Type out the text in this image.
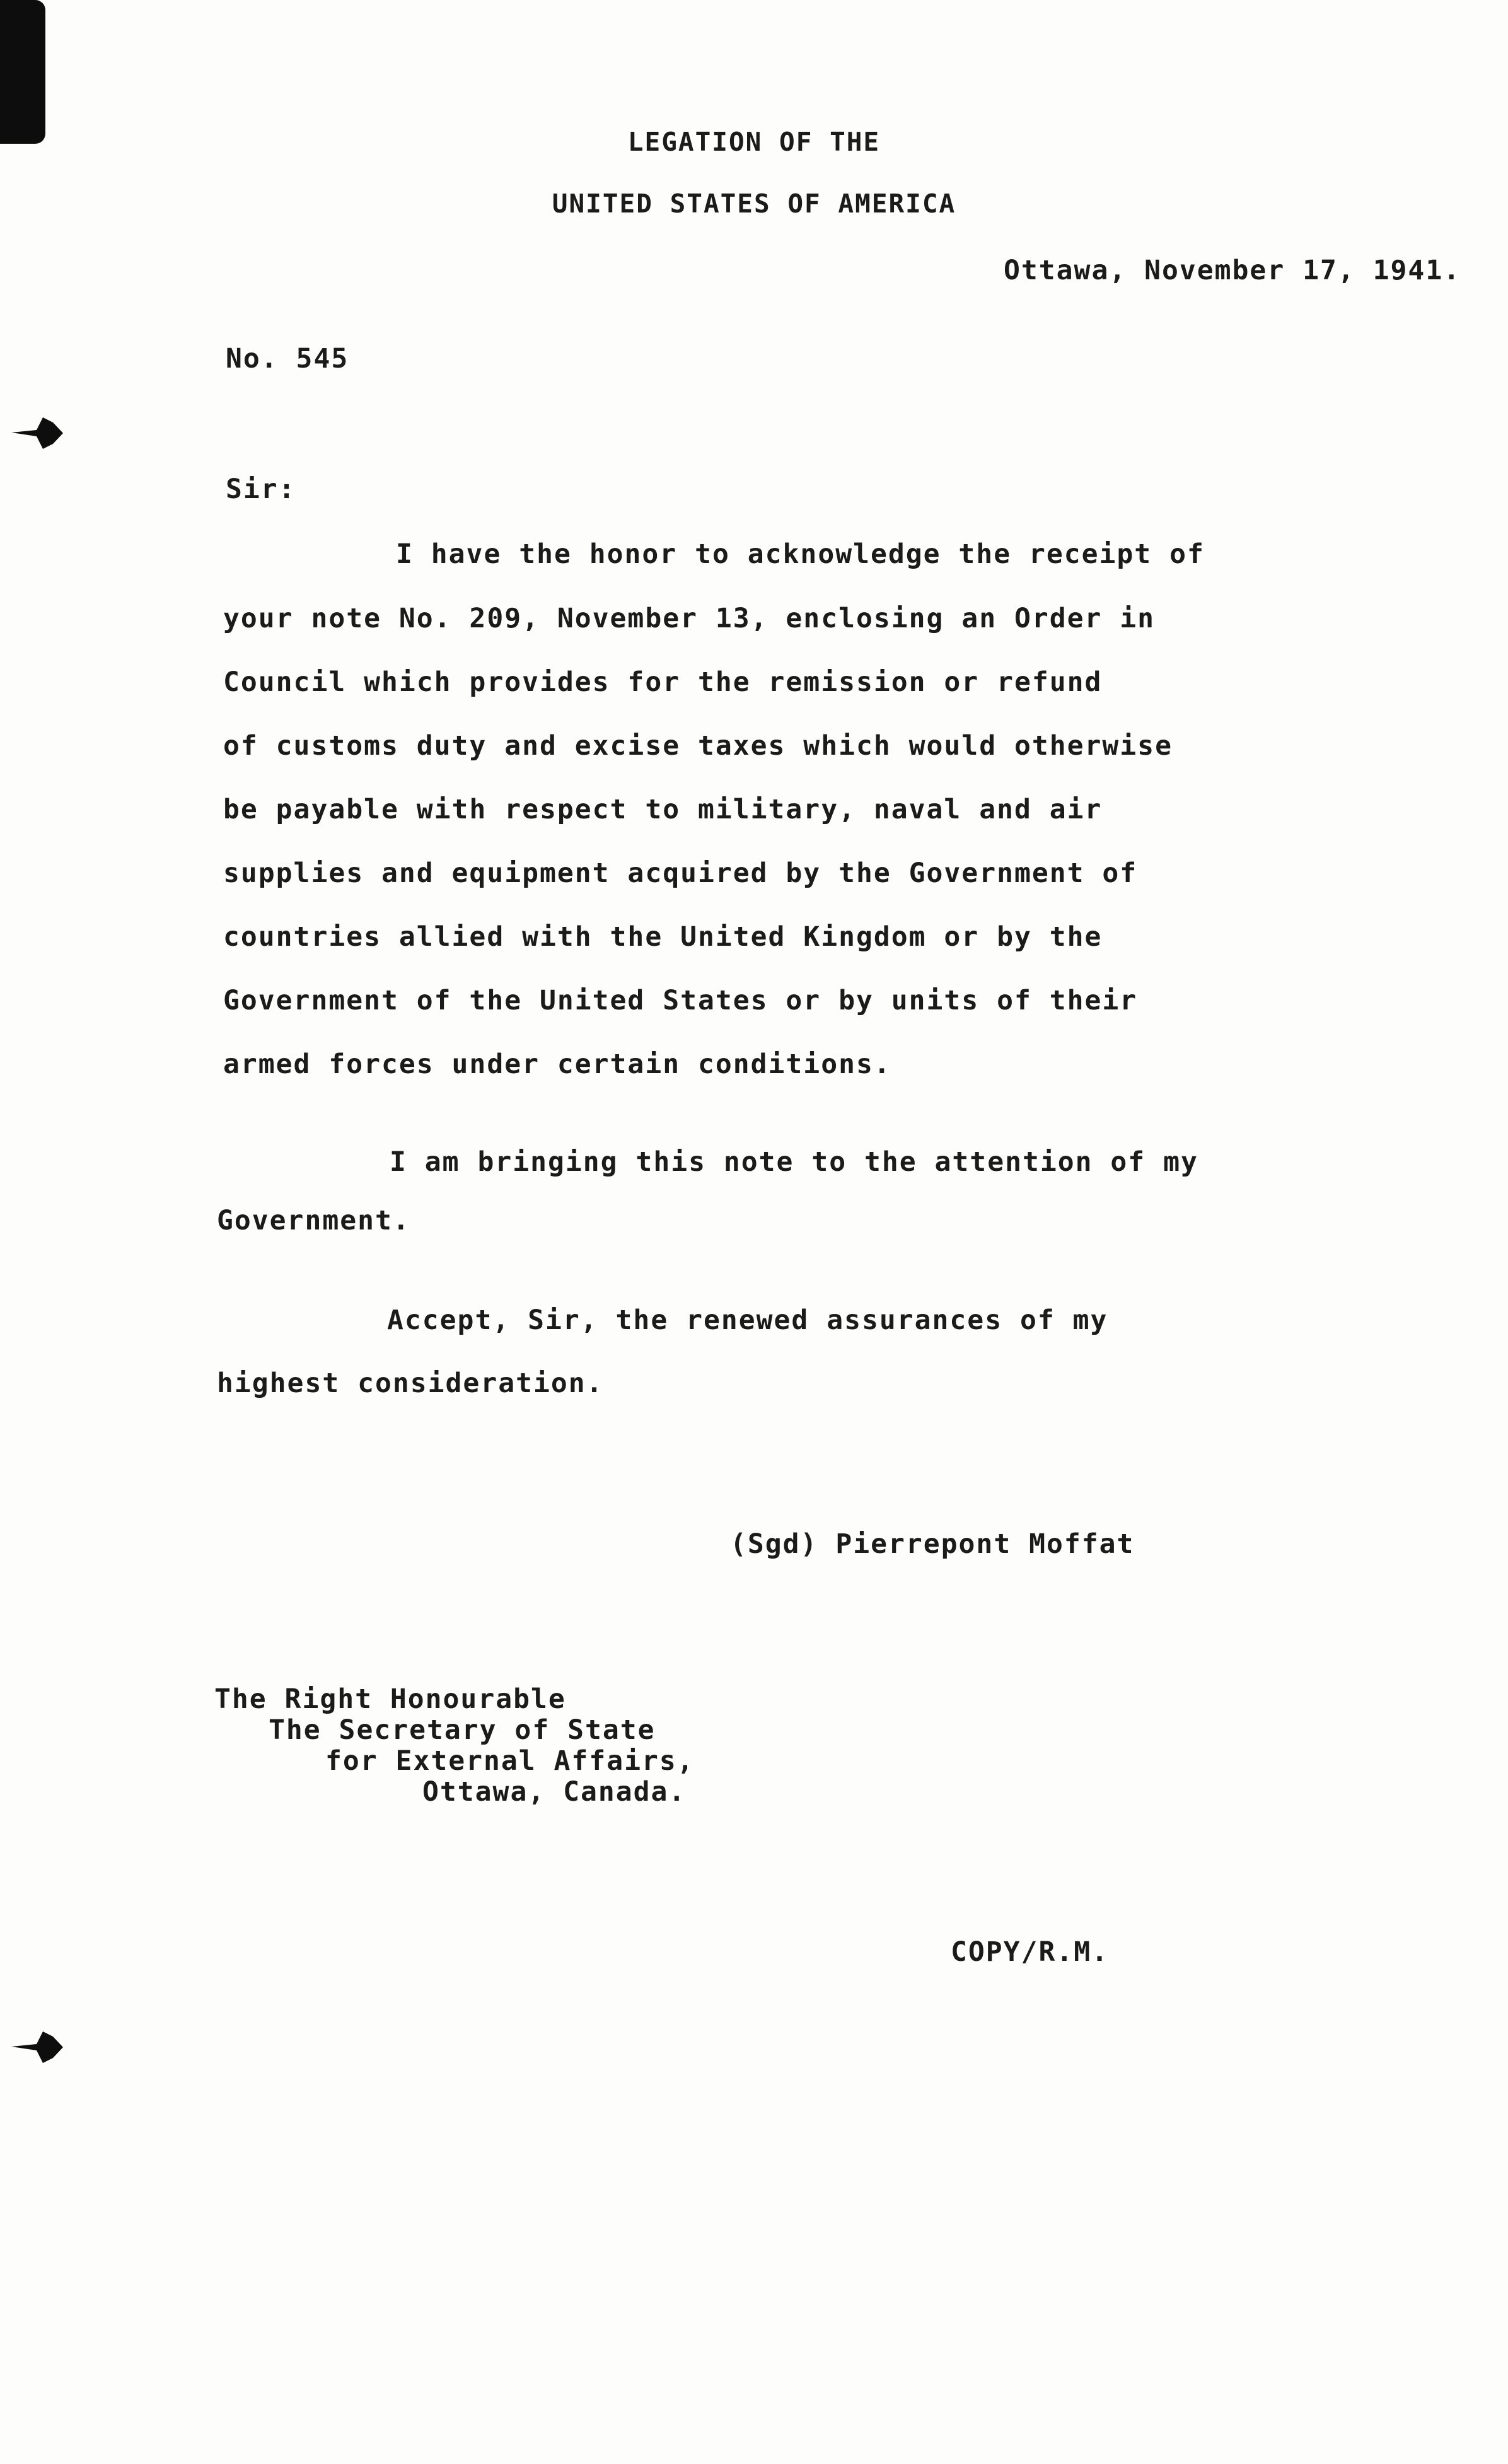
LEGATION OF THE
UNITED STATES OF AMERICA
Ottawa, November 17, 1941.
No. 545
Sir:
I have the honor to acknowledge the receipt of
your note No. 209, November 13, enclosing an Order in
Council which provides for the remission or refund
of customs duty and excise taxes which would otherwise
be payable with respect to military, naval and air
supplies and equipment acquired by the Government of
countries allied with the United Kingdom or by the
Government of the United States or by units of their
armed forces under certain conditions.
I am bringing this note to the attention of my
Government.
Accept, Sir, the renewed assurances of my
highest consideration.
(Sgd) Pierrepont Moffat
The Right Honourable
The Secretary of State
for External Affairs,
Ottawa, Canada.
COPY/R.M.
